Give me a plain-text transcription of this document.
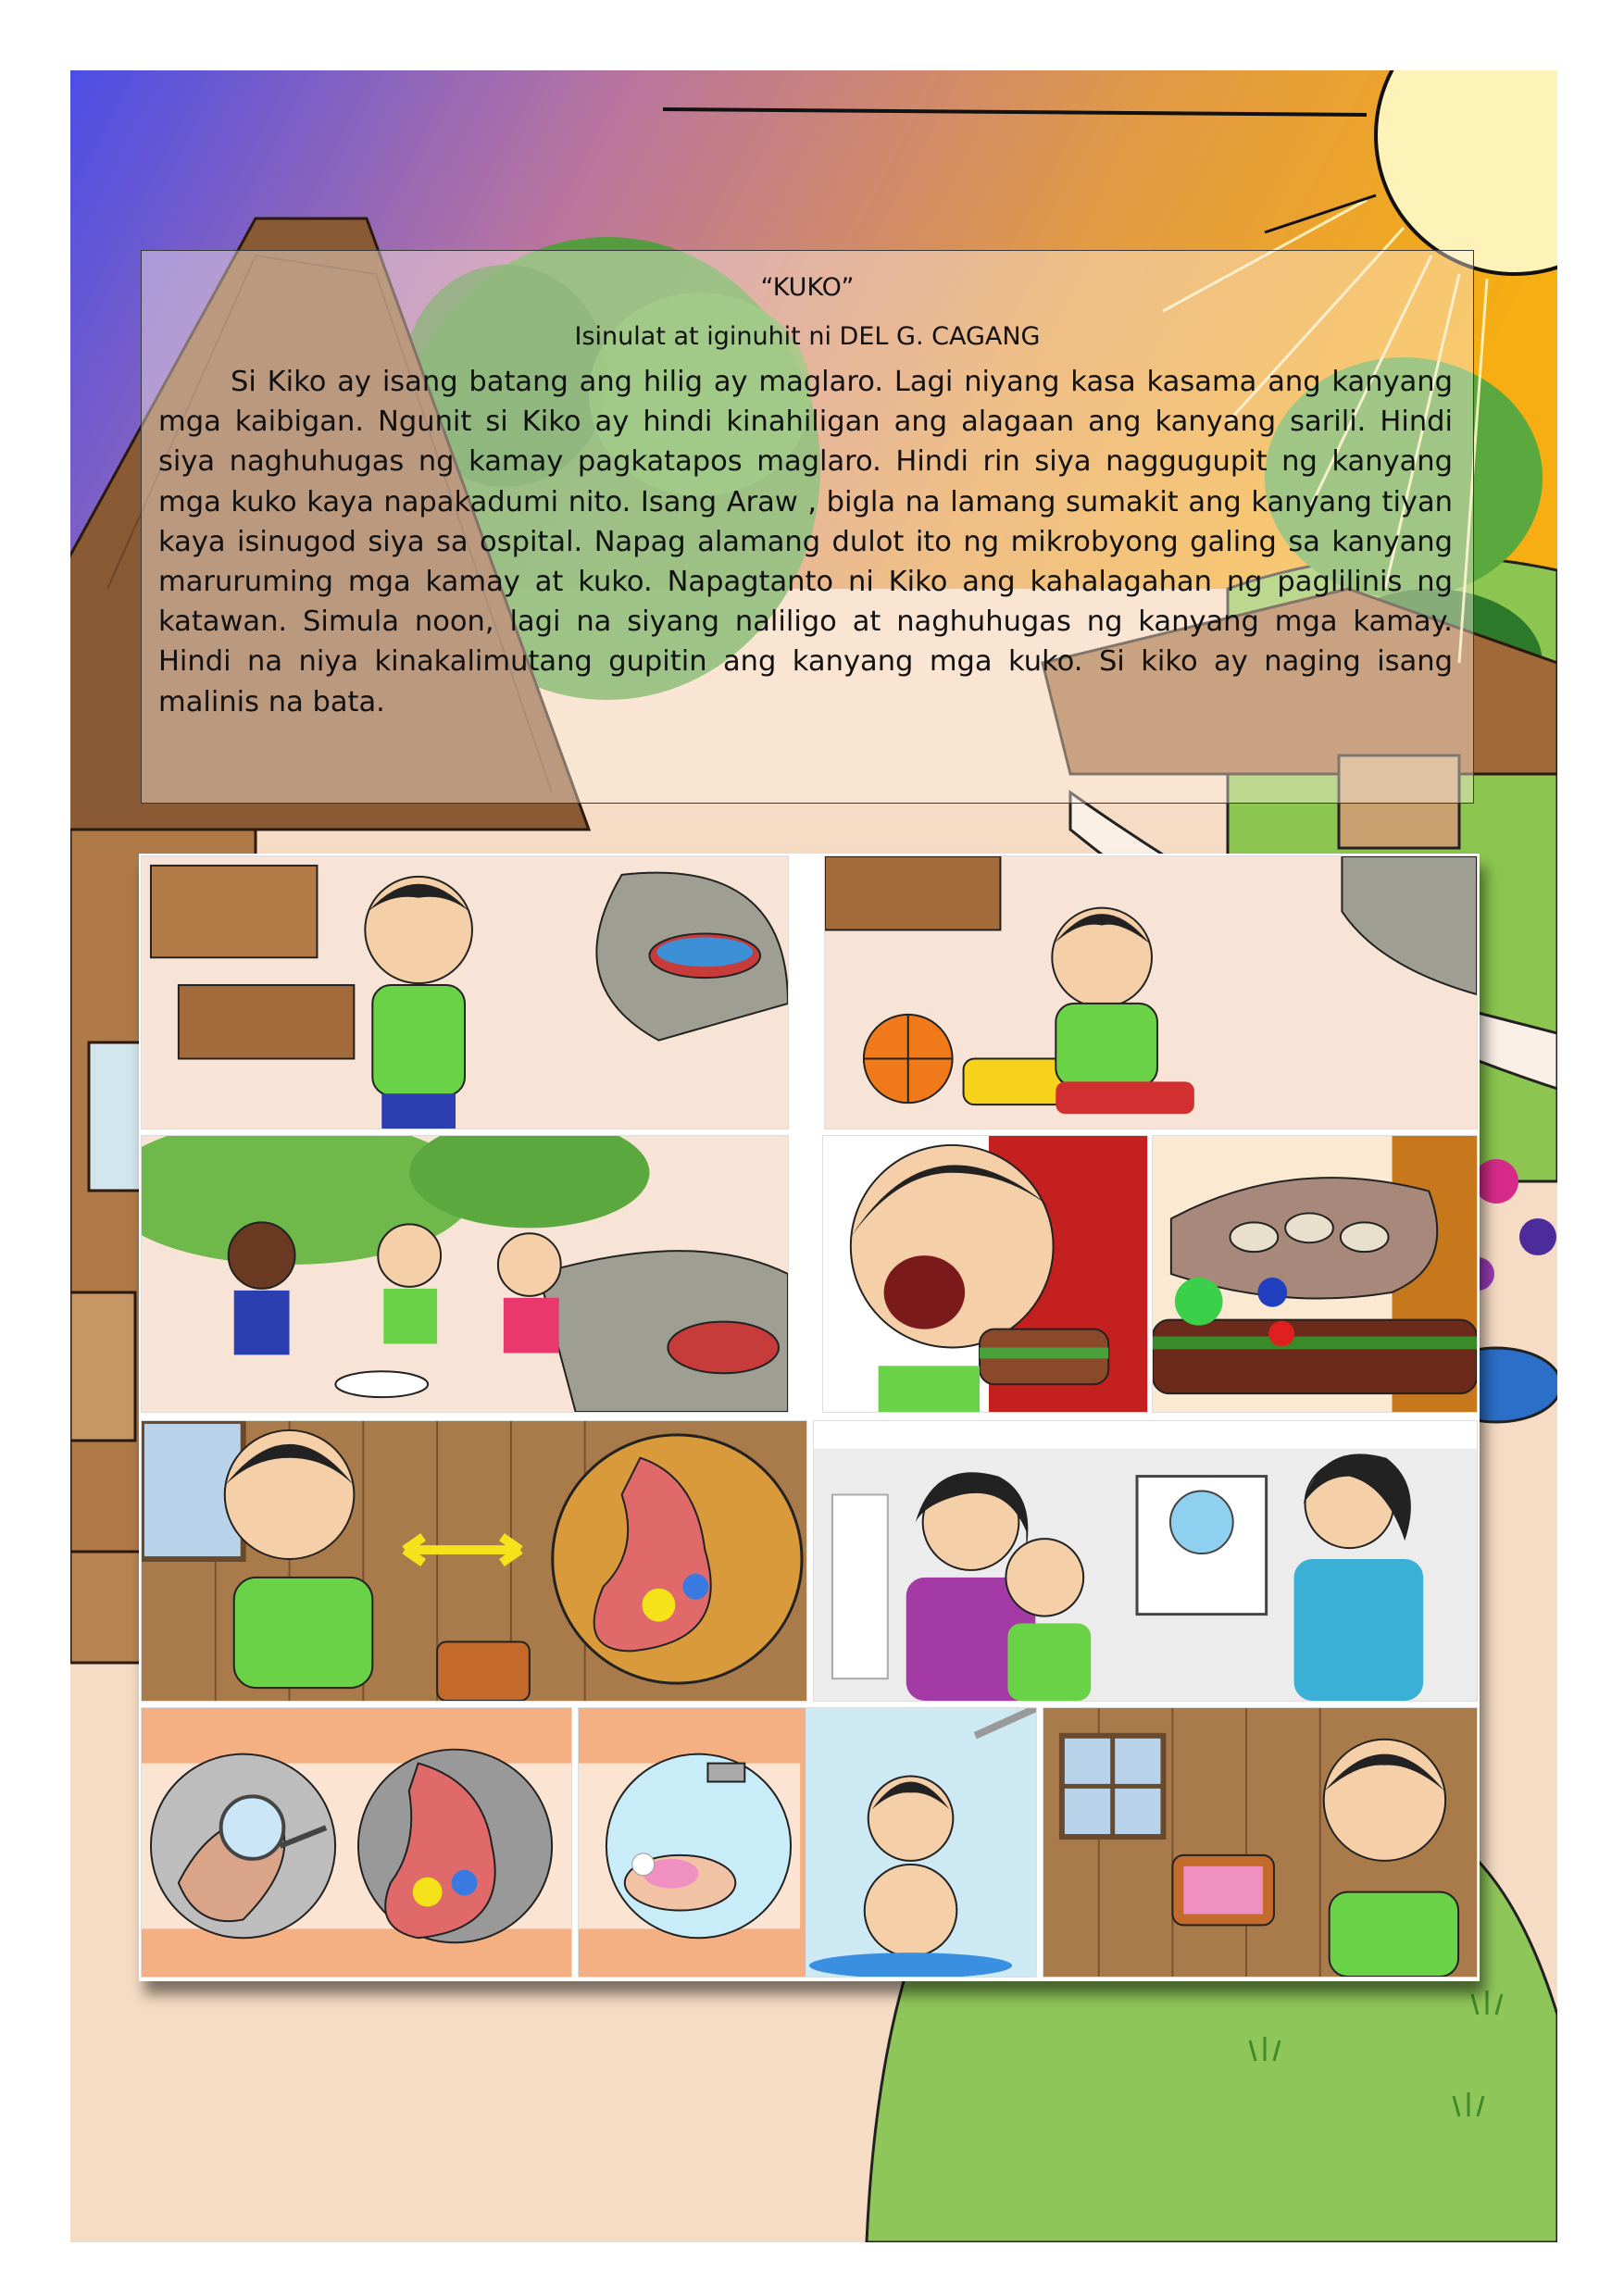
“KUKO”

Isinulat at iginuhit ni DEL G. CAGANG

Si Kiko ay isang batang ang hilig ay maglaro. Lagi niyang kasa kasama ang kanyang mga kaibigan. Ngunit si Kiko ay hindi kinahiligan ang alagaan ang kanyang sarili. Hindi siya naghuhugas ng kamay pagkatapos maglaro. Hindi rin siya naggugupit ng kanyang mga kuko kaya napakadumi nito. Isang Araw , bigla na lamang sumakit ang kanyang tiyan kaya isinugod siya sa ospital. Napag alamang dulot ito ng mikrobyong galing sa kanyang maruruming mga kamay at kuko. Napagtanto ni Kiko ang kahalagahan ng paglilinis ng katawan. Simula noon, lagi na siyang naliligo at naghuhugas ng kanyang mga kamay. Hindi na niya kinakalimutang gupitin ang kanyang mga kuko. Si kiko ay naging isang malinis na bata.
